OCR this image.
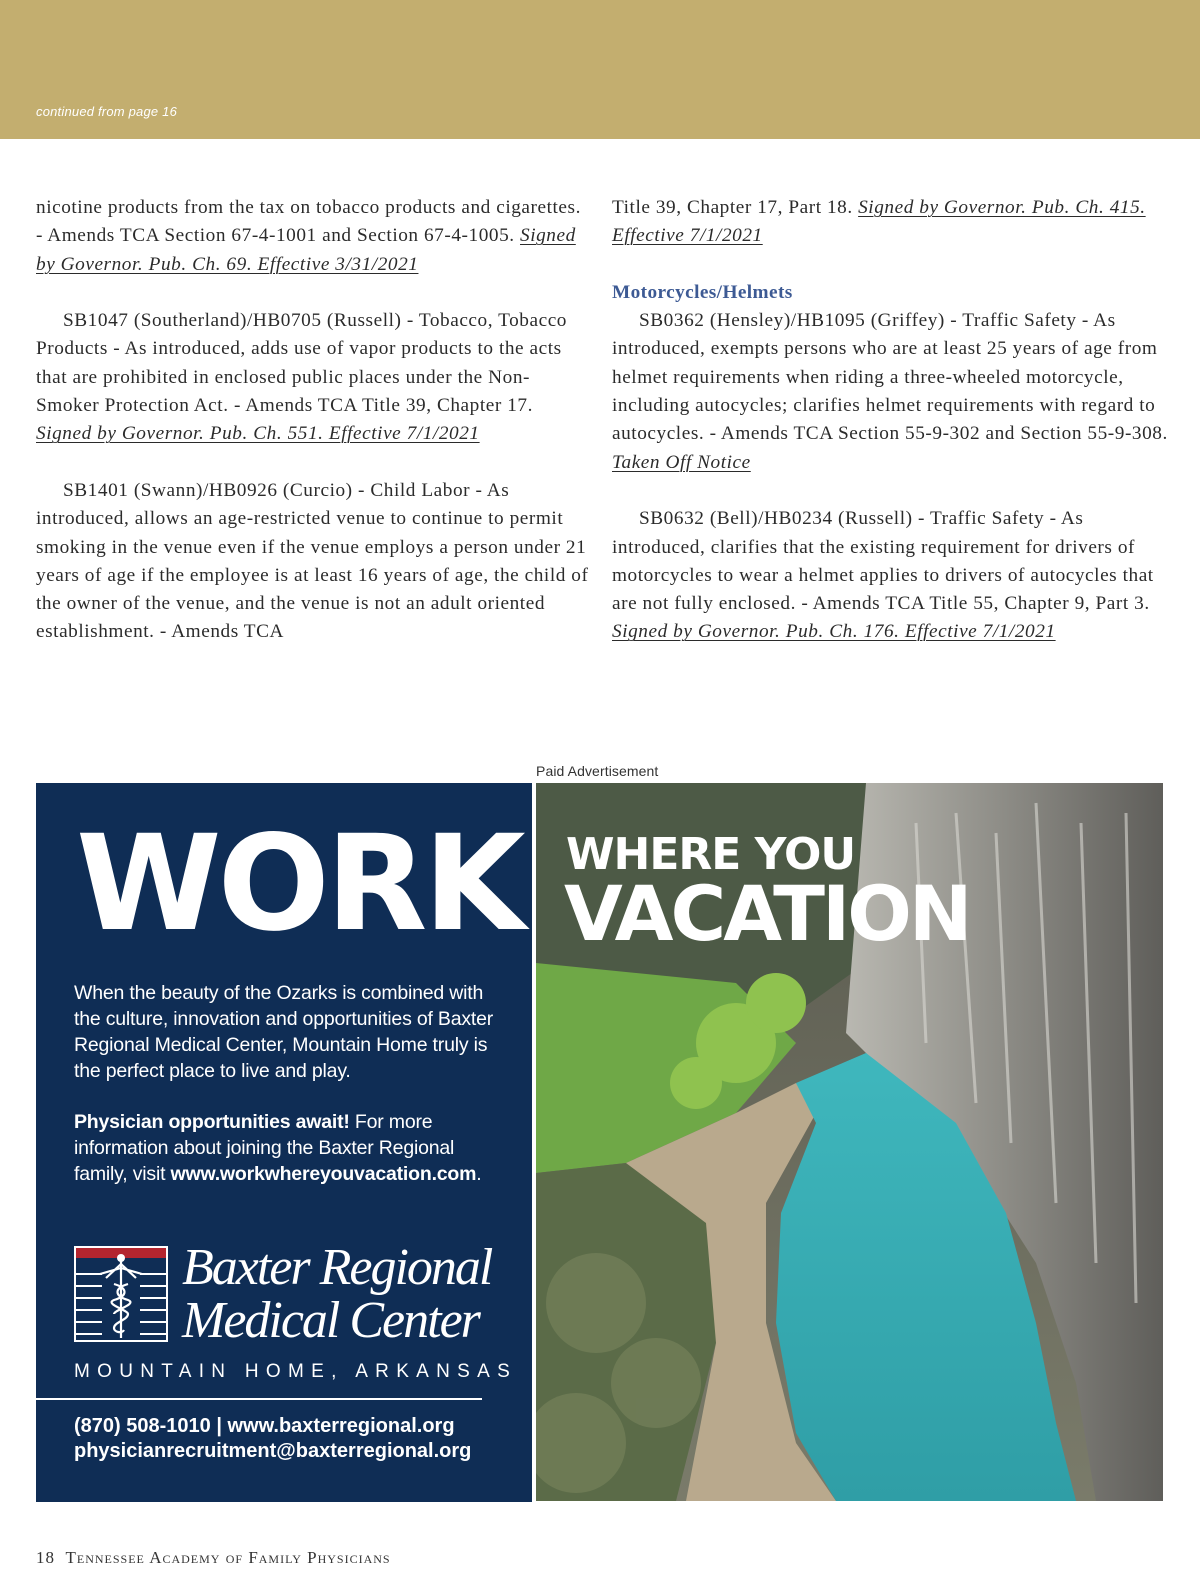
continued from page 16

nicotine products from the tax on tobacco products and cigarettes. - Amends TCA Section 67-4-1001 and Section 67-4-1005. Signed by Governor. Pub. Ch. 69. Effective 3/31/2021

SB1047 (Southerland)/HB0705 (Russell) - Tobacco, Tobacco Products - As introduced, adds use of vapor products to the acts that are prohibited in enclosed public places under the Non-Smoker Protection Act. - Amends TCA Title 39, Chapter 17. Signed by Governor. Pub. Ch. 551. Effective 7/1/2021

SB1401 (Swann)/HB0926 (Curcio) - Child Labor - As introduced, allows an age-restricted venue to continue to permit smoking in the venue even if the venue employs a person under 21 years of age if the employee is at least 16 years of age, the child of the owner of the venue, and the venue is not an adult oriented establishment. - Amends TCA

Title 39, Chapter 17, Part 18. Signed by Governor. Pub. Ch. 415. Effective 7/1/2021

Motorcycles/Helmets

SB0362 (Hensley)/HB1095 (Griffey) - Traffic Safety - As introduced, exempts persons who are at least 25 years of age from helmet requirements when riding a three-wheeled motorcycle, including autocycles; clarifies helmet requirements with regard to autocycles. - Amends TCA Section 55-9-302 and Section 55-9-308. Taken Off Notice

SB0632 (Bell)/HB0234 (Russell) - Traffic Safety - As introduced, clarifies that the existing requirement for drivers of motorcycles to wear a helmet applies to drivers of autocycles that are not fully enclosed. - Amends TCA Title 55, Chapter 9, Part 3. Signed by Governor. Pub. Ch. 176. Effective 7/1/2021

Paid Advertisement
WORK

When the beauty of the Ozarks is combined with the culture, innovation and opportunities of Baxter Regional Medical Center, Mountain Home truly is the perfect place to live and play.

Physician opportunities await! For more information about joining the Baxter Regional family, visit www.workwhereyouvacation.com.

Baxter Regional
Medical Center
MOUNTAIN HOME, ARKANSAS
(870) 508-1010 | www.baxterregional.org
physicianrecruitment@baxterregional.org
WHERE YOU
VACATION
18 Tennessee Academy of Family Physicians
